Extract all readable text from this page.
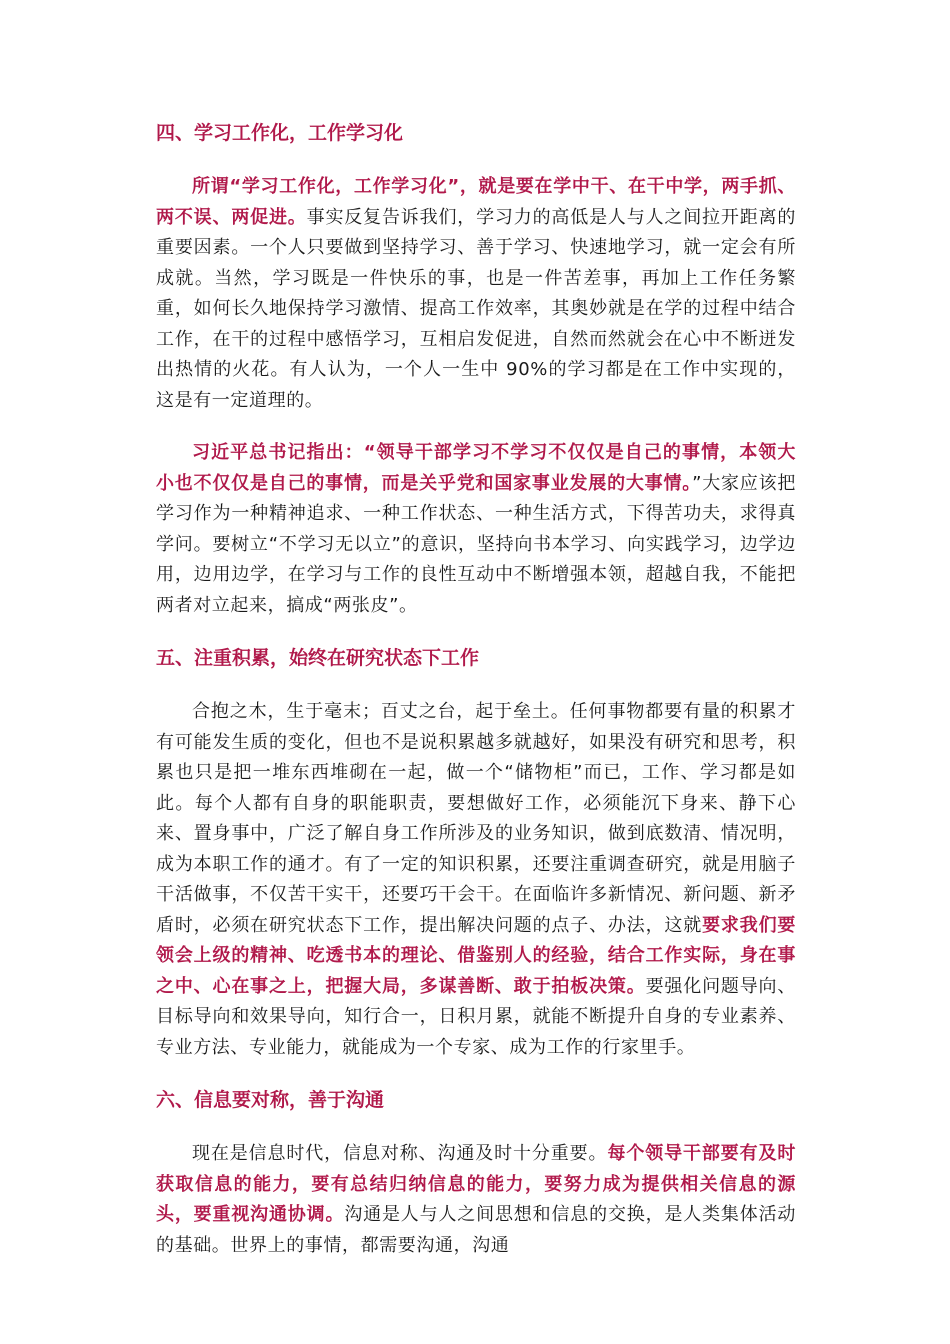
四、学习工作化，工作学习化

所谓“学习工作化，工作学习化”，就是要在学中干、在干中学，两手抓、两不误、两促进。事实反复告诉我们，学习力的高低是人与人之间拉开距离的重要因素。一个人只要做到坚持学习、善于学习、快速地学习，就一定会有所成就。当然，学习既是一件快乐的事，也是一件苦差事，再加上工作任务繁重，如何长久地保持学习激情、提高工作效率，其奥妙就是在学的过程中结合工作，在干的过程中感悟学习，互相启发促进，自然而然就会在心中不断迸发出热情的火花。有人认为，一个人一生中 90%的学习都是在工作中实现的，这是有一定道理的。

习近平总书记指出：“领导干部学习不学习不仅仅是自己的事情，本领大小也不仅仅是自己的事情，而是关乎党和国家事业发展的大事情。”大家应该把学习作为一种精神追求、一种工作状态、一种生活方式，下得苦功夫，求得真学问。要树立“不学习无以立”的意识，坚持向书本学习、向实践学习，边学边用，边用边学，在学习与工作的良性互动中不断增强本领，超越自我，不能把两者对立起来，搞成“两张皮”。

五、注重积累，始终在研究状态下工作

合抱之木，生于毫末；百丈之台，起于垒土。任何事物都要有量的积累才有可能发生质的变化，但也不是说积累越多就越好，如果没有研究和思考，积累也只是把一堆东西堆砌在一起，做一个“储物柜”而已，工作、学习都是如此。每个人都有自身的职能职责，要想做好工作，必须能沉下身来、静下心来、置身事中，广泛了解自身工作所涉及的业务知识，做到底数清、情况明，成为本职工作的通才。有了一定的知识积累，还要注重调查研究，就是用脑子干活做事，不仅苦干实干，还要巧干会干。在面临许多新情况、新问题、新矛盾时，必须在研究状态下工作，提出解决问题的点子、办法，这就要求我们要领会上级的精神、吃透书本的理论、借鉴别人的经验，结合工作实际，身在事之中、心在事之上，把握大局，多谋善断、敢于拍板决策。要强化问题导向、目标导向和效果导向，知行合一，日积月累，就能不断提升自身的专业素养、专业方法、专业能力，就能成为一个专家、成为工作的行家里手。

六、信息要对称，善于沟通

现在是信息时代，信息对称、沟通及时十分重要。每个领导干部要有及时获取信息的能力，要有总结归纳信息的能力，要努力成为提供相关信息的源头，要重视沟通协调。沟通是人与人之间思想和信息的交换，是人类集体活动的基础。世界上的事情，都需要沟通，沟通
